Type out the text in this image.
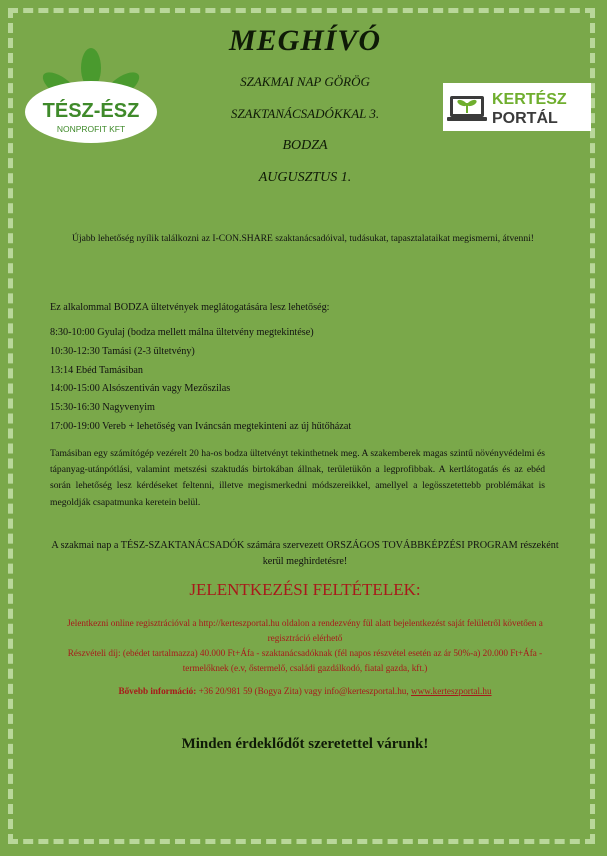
TÉSZ-ÉSZ
NONPROFIT KFT
KERTÉSZ
PORTÁL
MEGHÍVÓ
SZAKMAI NAP GÖRÖG
SZAKTANÁCSADÓKKAL 3.
BODZA
AUGUSZTUS 1.
Újabb lehetőség nyílik találkozni az I-CON.SHARE szaktanácsadóival, tudásukat, tapasztalataikat megismerni, átvenni!
Ez alkalommal BODZA ültetvények meglátogatására lesz lehetőség:
8:30-10:00 Gyulaj (bodza mellett málna ültetvény megtekintése)
10:30-12:30 Tamási (2-3 ültetvény)
13:14 Ebéd Tamásiban
14:00-15:00 Alsószentiván vagy Mezőszilas
15:30-16:30 Nagyvenyim
17:00-19:00 Vereb + lehetőség van Iváncsán megtekinteni az új hűtőházat
Tamásiban egy számítógép vezérelt 20 ha-os bodza ültetvényt tekinthetnek meg. A szakemberek magas szintű növényvédelmi és tápanyag-utánpótlási, valamint metszési szaktudás birtokában állnak, területükön a legprofibbak. A kertlátogatás és az ebéd során lehetőség lesz kérdéseket feltenni, illetve megismerkedni módszereikkel, amellyel a legösszetettebb problémákat is megoldják csapatmunka keretein belül.
A szakmai nap a TÉSZ-SZAKTANÁCSADÓK számára szervezett ORSZÁGOS TOVÁBBKÉPZÉSI PROGRAM részeként kerül meghirdetésre!
JELENTKEZÉSI FELTÉTELEK:
Jelentkezni online regisztrációval a http://kerteszportal.hu oldalon a rendezvény fül alatt bejelentkezést saját felületről követően a regisztráció elérhető
Részvételi díj: (ebédet tartalmazza) 40.000 Ft+Áfa - szaktanácsadóknak (fél napos részvétel esetén az ár 50%-a) 20.000 Ft+Áfa - termelőknek (e.v, őstermelő, családi gazdálkodó, fiatal gazda, kft.)
Bővebb információ: +36 20/981 59 (Bogya Zita) vagy info@kerteszportal.hu, www.kerteszportal.hu
Minden érdeklődőt szeretettel várunk!
